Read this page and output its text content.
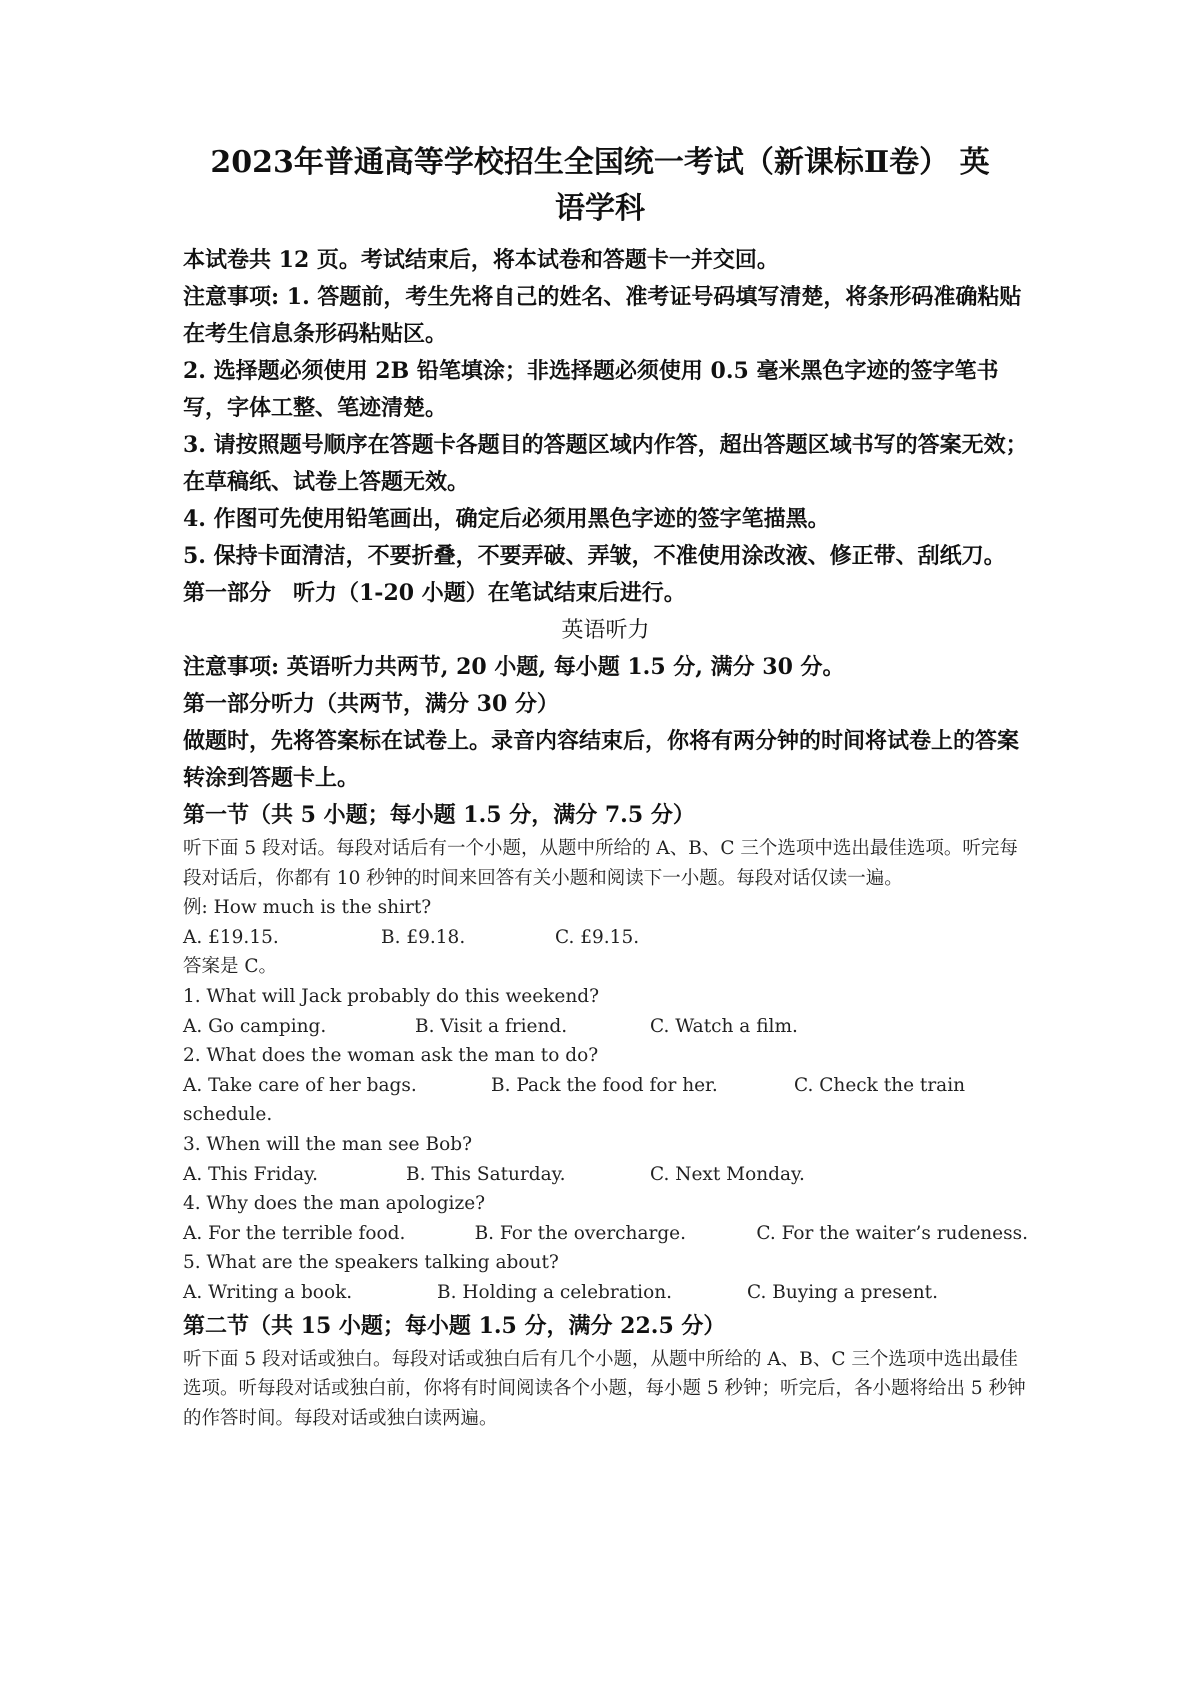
2023年普通高等学校招生全国统一考试（新课标Ⅱ卷） 英
语学科
本试卷共 12 页。考试结束后，将本试卷和答题卡一并交回。
注意事项: 1. 答题前，考生先将自己的姓名、准考证号码填写清楚，将条形码准确粘贴在考生信息条形码粘贴区。
2. 选择题必须使用 2B 铅笔填涂；非选择题必须使用 0.5 毫米黑色字迹的签字笔书写，字体工整、笔迹清楚。
3. 请按照题号顺序在答题卡各题目的答题区域内作答，超出答题区域书写的答案无效；在草稿纸、试卷上答题无效。
4. 作图可先使用铅笔画出，确定后必须用黑色字迹的签字笔描黑。
5. 保持卡面清洁，不要折叠，不要弄破、弄皱，不准使用涂改液、修正带、刮纸刀。
第一部分　听力（1-20 小题）在笔试结束后进行。
英语听力
注意事项: 英语听力共两节, 20 小题, 每小题 1.5 分, 满分 30 分。
第一部分听力（共两节，满分 30 分）
做题时，先将答案标在试卷上。录音内容结束后，你将有两分钟的时间将试卷上的答案转涂到答题卡上。
第一节（共 5 小题；每小题 1.5 分，满分 7.5 分）
听下面 5 段对话。每段对话后有一个小题，从题中所给的 A、B、C 三个选项中选出最佳选项。听完每段对话后，你都有 10 秒钟的时间来回答有关小题和阅读下一小题。每段对话仅读一遍。
例: How much is the shirt?
A. £19.15.	B. £9.18.	C. £9.15.
答案是 C。
1. What will Jack probably do this weekend?
A. Go camping.	B. Visit a friend.	C. Watch a film.
2. What does the woman ask the man to do?
A. Take care of her bags.	B. Pack the food for her.	C. Check the train
schedule.
3. When will the man see Bob?
A. This Friday.	B. This Saturday.	C. Next Monday.
4. Why does the man apologize?
A. For the terrible food.	B. For the overcharge.	C. For the waiter’s rudeness.
5. What are the speakers talking about?
A. Writing a book.	B. Holding a celebration.	C. Buying a present.
第二节（共 15 小题；每小题 1.5 分，满分 22.5 分）
听下面 5 段对话或独白。每段对话或独白后有几个小题，从题中所给的 A、B、C 三个选项中选出最佳选项。听每段对话或独白前，你将有时间阅读各个小题，每小题 5 秒钟；听完后，各小题将给出 5 秒钟的作答时间。每段对话或独白读两遍。
